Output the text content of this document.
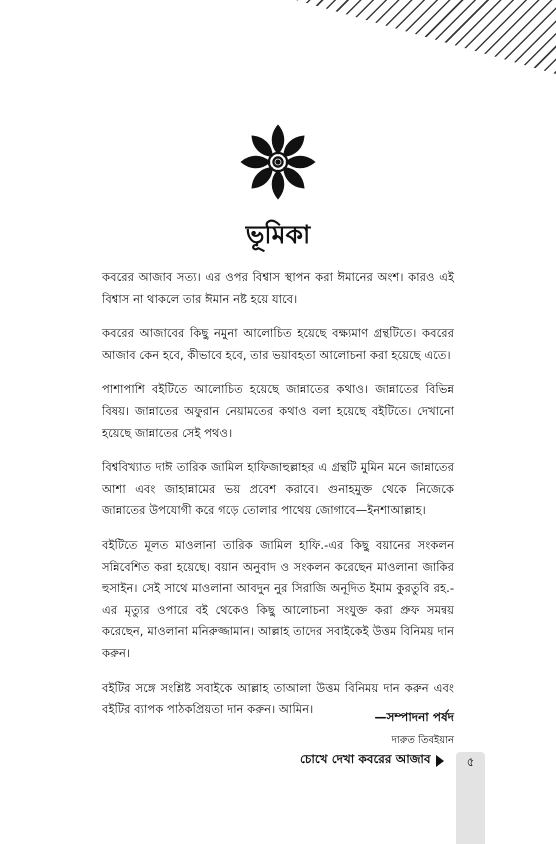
ভূমিকা

কবরের আজাব সত্য। এর ওপর বিশ্বাস স্থাপন করা ঈমানের অংশ। কারও এই বিশ্বাস না থাকলে তার ঈমান নষ্ট হয়ে যাবে।

কবরের আজাবের কিছু নমুনা আলোচিত হয়েছে বক্ষ্যমাণ গ্রন্থটিতে। কবরের আজাব কেন হবে, কীভাবে হবে, তার ভয়াবহতা আলোচনা করা হয়েছে এতে।

পাশাপাশি বইটিতে আলোচিত হয়েছে জান্নাতের কথাও। জান্নাতের বিভিন্ন বিষয়। জান্নাতের অফুরান নেয়ামতের কথাও বলা হয়েছে বইটিতে। দেখানো হয়েছে জান্নাতের সেই পথও।

বিশ্ববিখ্যাত দাঈ তারিক জামিল হাফিজাহুল্লাহর এ গ্রন্থটি মুমিন মনে জান্নাতের আশা এবং জাহান্নামের ভয় প্রবেশ করাবে। গুনাহমুক্ত থেকে নিজেকে জান্নাতের উপযোগী করে গড়ে তোলার পাথেয় জোগাবে—ইনশাআল্লাহ।

বইটিতে মূলত মাওলানা তারিক জামিল হাফি.-এর কিছু বয়ানের সংকলন সন্নিবেশিত করা হয়েছে। বয়ান অনুবাদ ও সংকলন করেছেন মাওলানা জাকির হুসাইন। সেই সাথে মাওলানা আবদুন নুর সিরাজি অনূদিত ইমাম কুরতুবি রহ.-এর মৃত্যুর ওপারে বই থেকেও কিছু আলোচনা সংযুক্ত করা প্রুফ সমন্বয় করেছেন, মাওলানা মনিরুজ্জামান। আল্লাহ তাদের সবাইকেই উত্তম বিনিময় দান করুন।

বইটির সঙ্গে সংশ্লিষ্ট সবাইকে আল্লাহ তাআলা উত্তম বিনিময় দান করুন এবং বইটির ব্যাপক পাঠকপ্রিয়তা দান করুন। আমিন।

—সম্পাদনা পর্ষদ

দারুত তিবইয়ান

চোখে দেখা কবরের আজাব	৫
